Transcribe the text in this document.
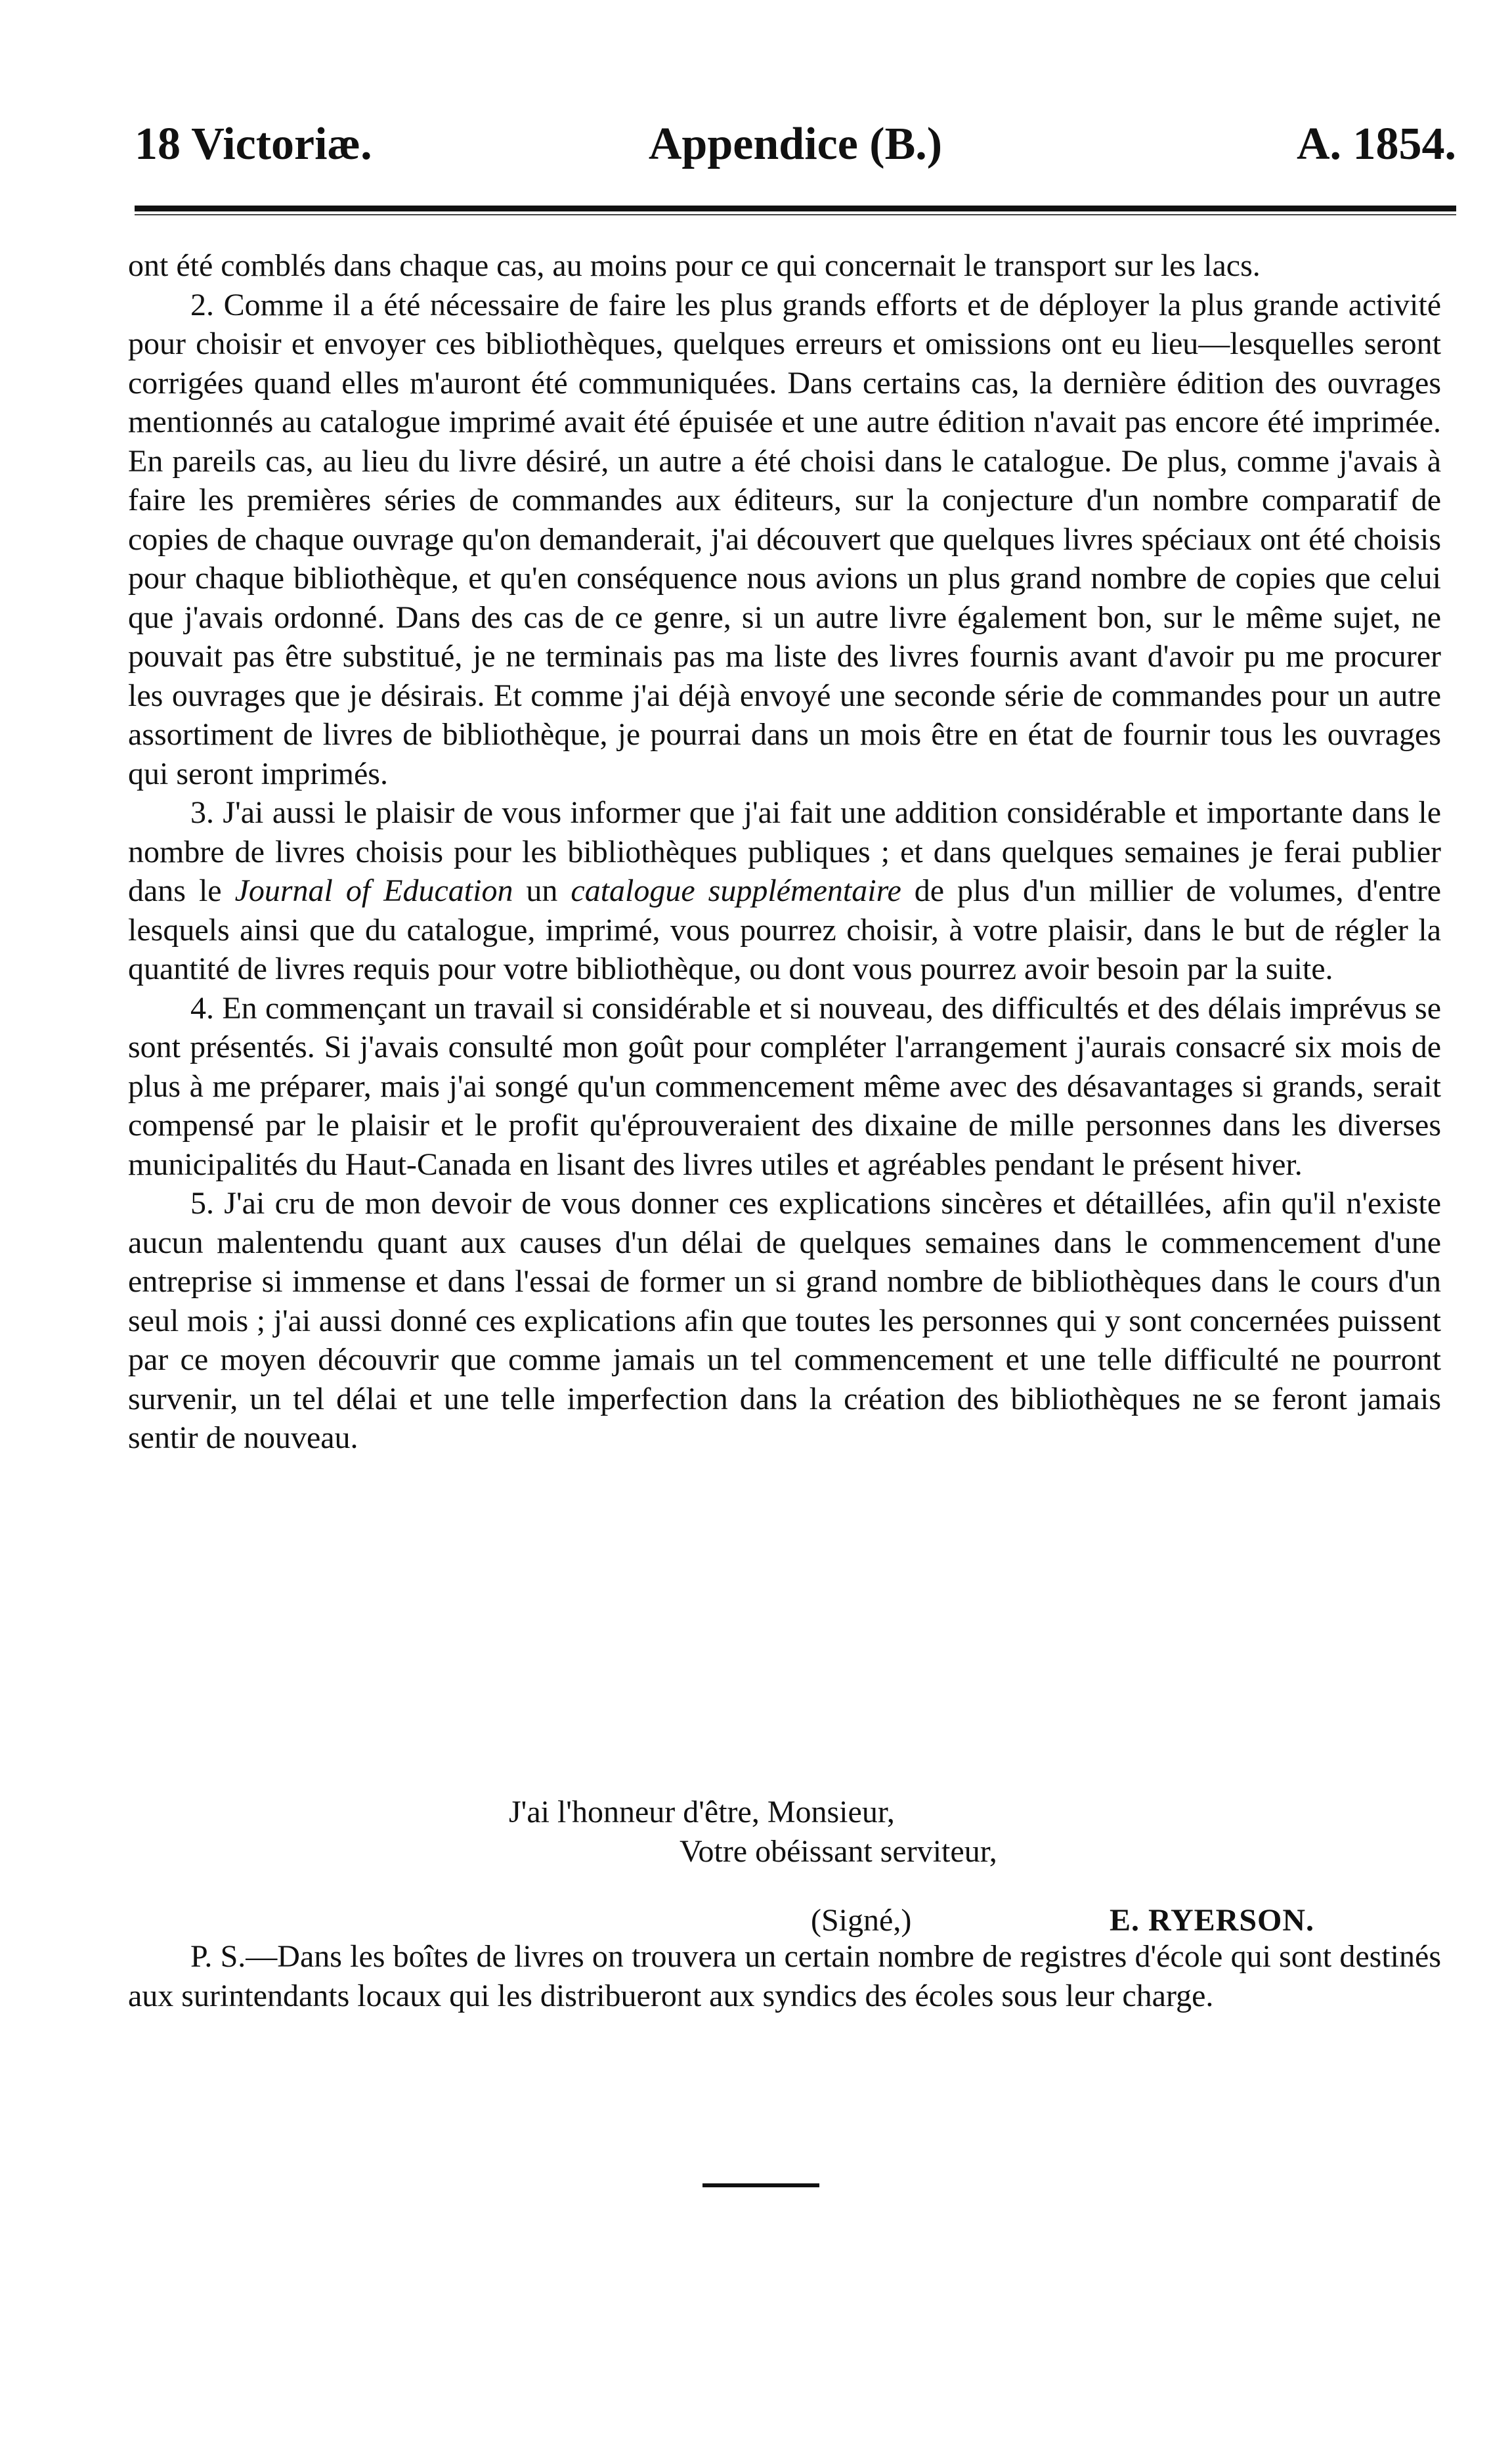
18 Victoriæ.	Appendice (B.)	A. 1854.

ont été comblés dans chaque cas, au moins pour ce qui concernait le transport sur les lacs.

2. Comme il a été nécessaire de faire les plus grands efforts et de déployer la plus grande activité pour choisir et envoyer ces bibliothèques, quelques erreurs et omissions ont eu lieu—lesquelles seront corrigées quand elles m'auront été communiquées. Dans certains cas, la dernière édition des ouvrages mentionnés au catalogue imprimé avait été épuisée et une autre édition n'avait pas encore été imprimée. En pareils cas, au lieu du livre désiré, un autre a été choisi dans le catalogue. De plus, comme j'avais à faire les premières séries de commandes aux éditeurs, sur la conjecture d'un nombre comparatif de copies de chaque ouvrage qu'on demanderait, j'ai découvert que quelques livres spéciaux ont été choisis pour chaque bibliothèque, et qu'en conséquence nous avions un plus grand nombre de copies que celui que j'avais ordonné. Dans des cas de ce genre, si un autre livre également bon, sur le même sujet, ne pouvait pas être substitué, je ne terminais pas ma liste des livres fournis avant d'avoir pu me procurer les ouvrages que je désirais. Et comme j'ai déjà envoyé une seconde série de commandes pour un autre assortiment de livres de bibliothèque, je pourrai dans un mois être en état de fournir tous les ouvrages qui seront imprimés.

3. J'ai aussi le plaisir de vous informer que j'ai fait une addition considérable et importante dans le nombre de livres choisis pour les bibliothèques publiques ; et dans quelques semaines je ferai publier dans le Journal of Education un catalogue supplémentaire de plus d'un millier de volumes, d'entre lesquels ainsi que du catalogue, imprimé, vous pourrez choisir, à votre plaisir, dans le but de régler la quantité de livres requis pour votre bibliothèque, ou dont vous pourrez avoir besoin par la suite.

4. En commençant un travail si considérable et si nouveau, des difficultés et des délais imprévus se sont présentés. Si j'avais consulté mon goût pour compléter l'arrangement j'aurais consacré six mois de plus à me préparer, mais j'ai songé qu'un commencement même avec des désavantages si grands, serait compensé par le plaisir et le profit qu'éprouveraient des dixaine de mille personnes dans les diverses municipalités du Haut-Canada en lisant des livres utiles et agréables pendant le présent hiver.

5. J'ai cru de mon devoir de vous donner ces explications sincères et détaillées, afin qu'il n'existe aucun malentendu quant aux causes d'un délai de quelques semaines dans le commencement d'une entreprise si immense et dans l'essai de former un si grand nombre de bibliothèques dans le cours d'un seul mois ; j'ai aussi donné ces explications afin que toutes les personnes qui y sont concernées puissent par ce moyen découvrir que comme jamais un tel commencement et une telle difficulté ne pourront survenir, un tel délai et une telle imperfection dans la création des bibliothèques ne se feront jamais sentir de nouveau.

J'ai l'honneur d'être, Monsieur,
Votre obéissant serviteur,
(Signé,)	E. RYERSON.

P. S.—Dans les boîtes de livres on trouvera un certain nombre de registres d'école qui sont destinés aux surintendants locaux qui les distribueront aux syndics des écoles sous leur charge.
